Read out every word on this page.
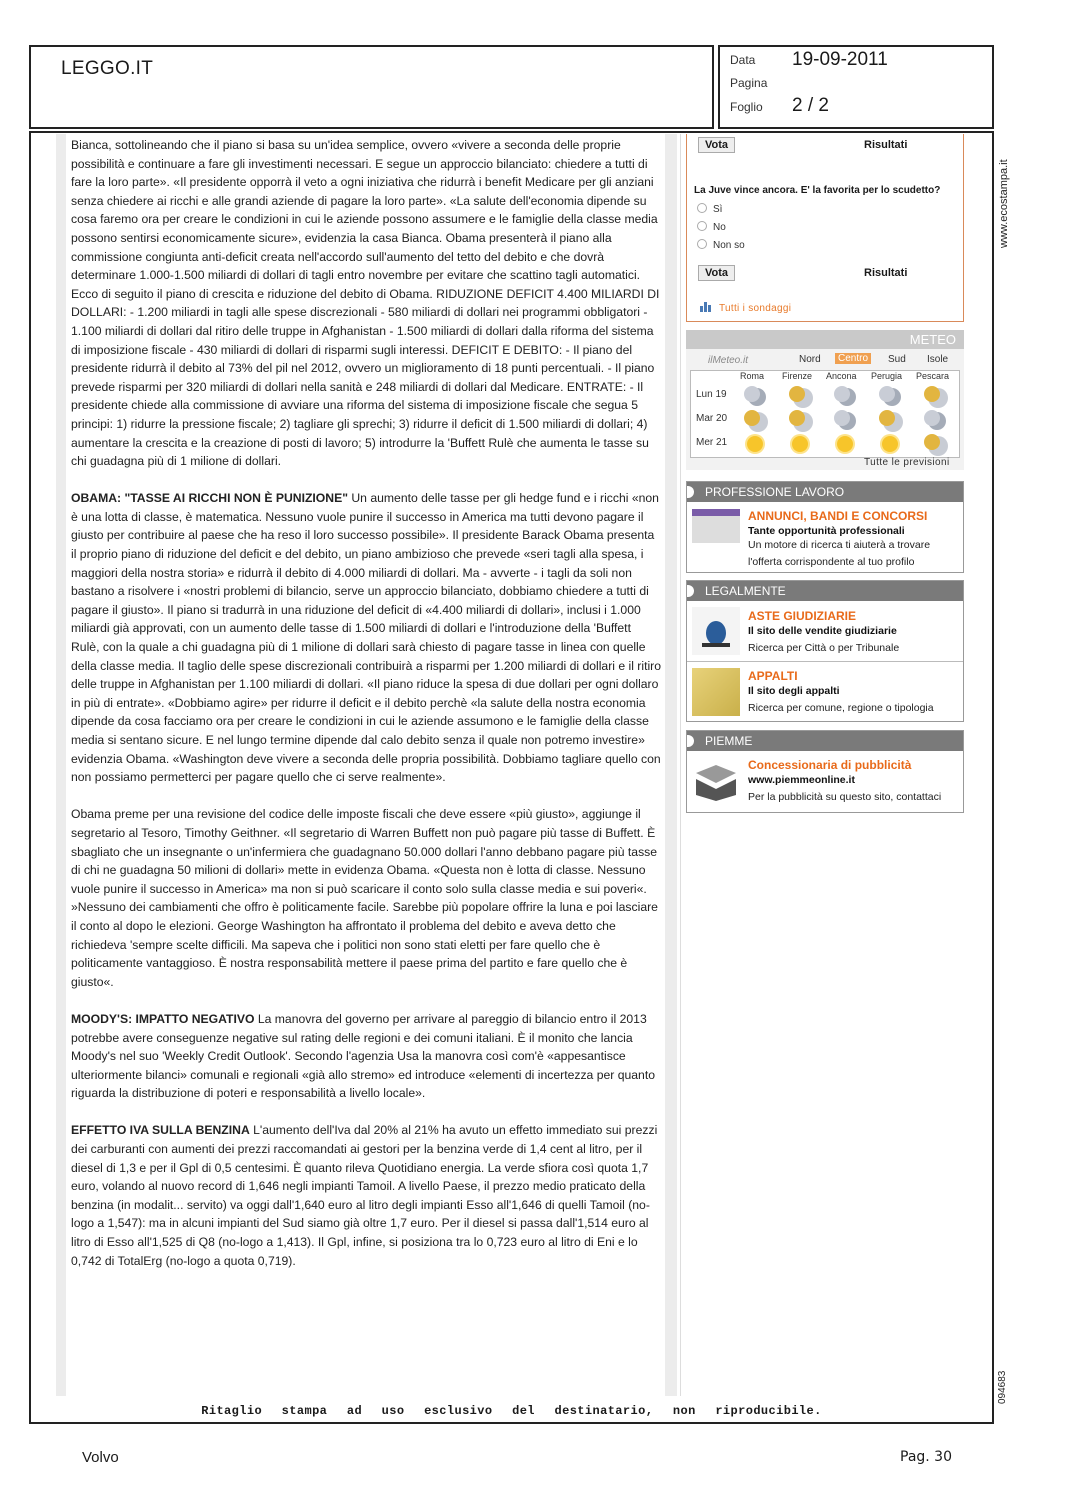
LEGGO.IT	Data 19-09-2011
Pagina
Foglio 2 / 2

Bianca, sottolineando che il piano si basa su un'idea semplice, ovvero «vivere a seconda delle proprie possibilità e continuare a fare gli investimenti necessari. E segue un approccio bilanciato: chiedere a tutti di fare la loro parte». «Il presidente opporrà il veto a ogni iniziativa che ridurrà i benefit Medicare per gli anziani senza chiedere ai ricchi e alle grandi aziende di pagare la loro parte». «La salute dell'economia dipende su cosa faremo ora per creare le condizioni in cui le aziende possono assumere e le famiglie della classe media possono sentirsi economicamente sicure», evidenzia la casa Bianca. Obama presenterà il piano alla commissione congiunta anti-deficit creata nell'accordo sull'aumento del tetto del debito e che dovrà determinare 1.000-1.500 miliardi di dollari di tagli entro novembre per evitare che scattino tagli automatici. Ecco di seguito il piano di crescita e riduzione del debito di Obama. RIDUZIONE DEFICIT 4.400 MILIARDI DI DOLLARI: - 1.200 miliardi in tagli alle spese discrezionali - 580 miliardi di dollari nei programmi obbligatori - 1.100 miliardi di dollari dal ritiro delle truppe in Afghanistan - 1.500 miliardi di dollari dalla riforma del sistema di imposizione fiscale - 430 miliardi di dollari di risparmi sugli interessi. DEFICIT E DEBITO: - Il piano del presidente ridurrà il debito al 73% del pil nel 2012, ovvero un miglioramento di 18 punti percentuali. - Il piano prevede risparmi per 320 miliardi di dollari nella sanità e 248 miliardi di dollari dal Medicare. ENTRATE: - Il presidente chiede alla commissione di avviare una riforma del sistema di imposizione fiscale che segua 5 principi: 1) ridurre la pressione fiscale; 2) tagliare gli sprechi; 3) ridurre il deficit di 1.500 miliardi di dollari; 4) aumentare la crescita e la creazione di posti di lavoro; 5) introdurre la 'Buffett Rulè che aumenta le tasse su chi guadagna più di 1 milione di dollari.

OBAMA: "TASSE AI RICCHI NON È PUNIZIONE" Un aumento delle tasse per gli hedge fund e i ricchi «non è una lotta di classe, è matematica. Nessuno vuole punire il successo in America ma tutti devono pagare il giusto per contribuire al paese che ha reso il loro successo possibile». Il presidente Barack Obama presenta il proprio piano di riduzione del deficit e del debito, un piano ambizioso che prevede «seri tagli alla spesa, i maggiori della nostra storia» e ridurrà il debito di 4.000 miliardi di dollari. Ma - avverte - i tagli da soli non bastano a risolvere i «nostri problemi di bilancio, serve un approccio bilanciato, dobbiamo chiedere a tutti di pagare il giusto». Il piano si tradurrà in una riduzione del deficit di «4.400 miliardi di dollari», inclusi i 1.000 miliardi già approvati, con un aumento delle tasse di 1.500 miliardi di dollari e l'introduzione della 'Buffett Rulè, con la quale a chi guadagna più di 1 milione di dollari sarà chiesto di pagare tasse in linea con quelle della classe media. Il taglio delle spese discrezionali contribuirà a risparmi per 1.200 miliardi di dollari e il ritiro delle truppe in Afghanistan per 1.100 miliardi di dollari. «Il piano riduce la spesa di due dollari per ogni dollaro in più di entrate». «Dobbiamo agire» per ridurre il deficit e il debito perchè «la salute della nostra economia dipende da cosa facciamo ora per creare le condizioni in cui le aziende assumono e le famiglie della classe media si sentano sicure. E nel lungo termine dipende dal calo debito senza il quale non potremo investire» evidenzia Obama. «Washington deve vivere a seconda delle propria possibilità. Dobbiamo tagliare quello con non possiamo permetterci per pagare quello che ci serve realmente».

Obama preme per una revisione del codice delle imposte fiscali che deve essere «più giusto», aggiunge il segretario al Tesoro, Timothy Geithner. «Il segretario di Warren Buffett non può pagare più tasse di Buffett. È sbagliato che un insegnante o un'infermiera che guadagnano 50.000 dollari l'anno debbano pagare più tasse di chi ne guadagna 50 milioni di dollari» mette in evidenza Obama. «Questa non è lotta di classe. Nessuno vuole punire il successo in America» ma non si può scaricare il conto solo sulla classe media e sui poveri«. »Nessuno dei cambiamenti che offro è politicamente facile. Sarebbe più popolare offrire la luna e poi lasciare il conto al dopo le elezioni. George Washington ha affrontato il problema del debito e aveva detto che richiedeva 'sempre scelte difficili. Ma sapeva che i politici non sono stati eletti per fare quello che è politicamente vantaggioso. È nostra responsabilità mettere il paese prima del partito e fare quello che è giusto«.

MOODY'S: IMPATTO NEGATIVO La manovra del governo per arrivare al pareggio di bilancio entro il 2013 potrebbe avere conseguenze negative sul rating delle regioni e dei comuni italiani. È il monito che lancia Moody's nel suo 'Weekly Credit Outlook'. Secondo l'agenzia Usa la manovra così com'è «appesantisce ulteriormente bilanci» comunali e regionali «già allo stremo» ed introduce «elementi di incertezza per quanto riguarda la distribuzione di poteri e responsabilità a livello locale».

EFFETTO IVA SULLA BENZINA L'aumento dell'Iva dal 20% al 21% ha avuto un effetto immediato sui prezzi dei carburanti con aumenti dei prezzi raccomandati ai gestori per la benzina verde di 1,4 cent al litro, per il diesel di 1,3 e per il Gpl di 0,5 centesimi. È quanto rileva Quotidiano energia. La verde sfiora così quota 1,7 euro, volando al nuovo record di 1,646 negli impianti Tamoil. A livello Paese, il prezzo medio praticato della benzina (in modalit... servito) va oggi dall'1,640 euro al litro degli impianti Esso all'1,646 di quelli Tamoil (no-logo a 1,547): ma in alcuni impianti del Sud siamo già oltre 1,7 euro. Per il diesel si passa dall'1,514 euro al litro di Esso all'1,525 di Q8 (no-logo a 1,413). Il Gpl, infine, si posiziona tra lo 0,723 euro al litro di Eni e lo 0,742 di TotalErg (no-logo a quota 0,719).

Vota	Risultati
La Juve vince ancora. E' la favorita per lo scudetto?
Sì
No
Non so
Vota	Risultati
Tutti i sondaggi
METEO
ilMeteo.it	Nord	Centro	Sud Isole
Roma Firenze Ancona Perugia Pescara
Lun 19
Mar 20
Mer 21
Tutte le previsioni
PROFESSIONE LAVORO
ANNUNCI, BANDI E CONCORSI
Tante opportunità professionali
Un motore di ricerca ti aiuterà a trovare
l'offerta corrispondente al tuo profilo
LEGALMENTE
ASTE GIUDIZIARIE
Il sito delle vendite giudiziarie
Ricerca per Città o per Tribunale
APPALTI
Il sito degli appalti
Ricerca per comune, regione o tipologia
PIEMME
Concessionaria di pubblicità
www.piemmeonline.it
Per la pubblicità su questo sito, contattaci
www.ecostampa.it
094683
Ritaglio stampa ad uso esclusivo del destinatario, non riproducibile.
Volvo	Pag. 30
